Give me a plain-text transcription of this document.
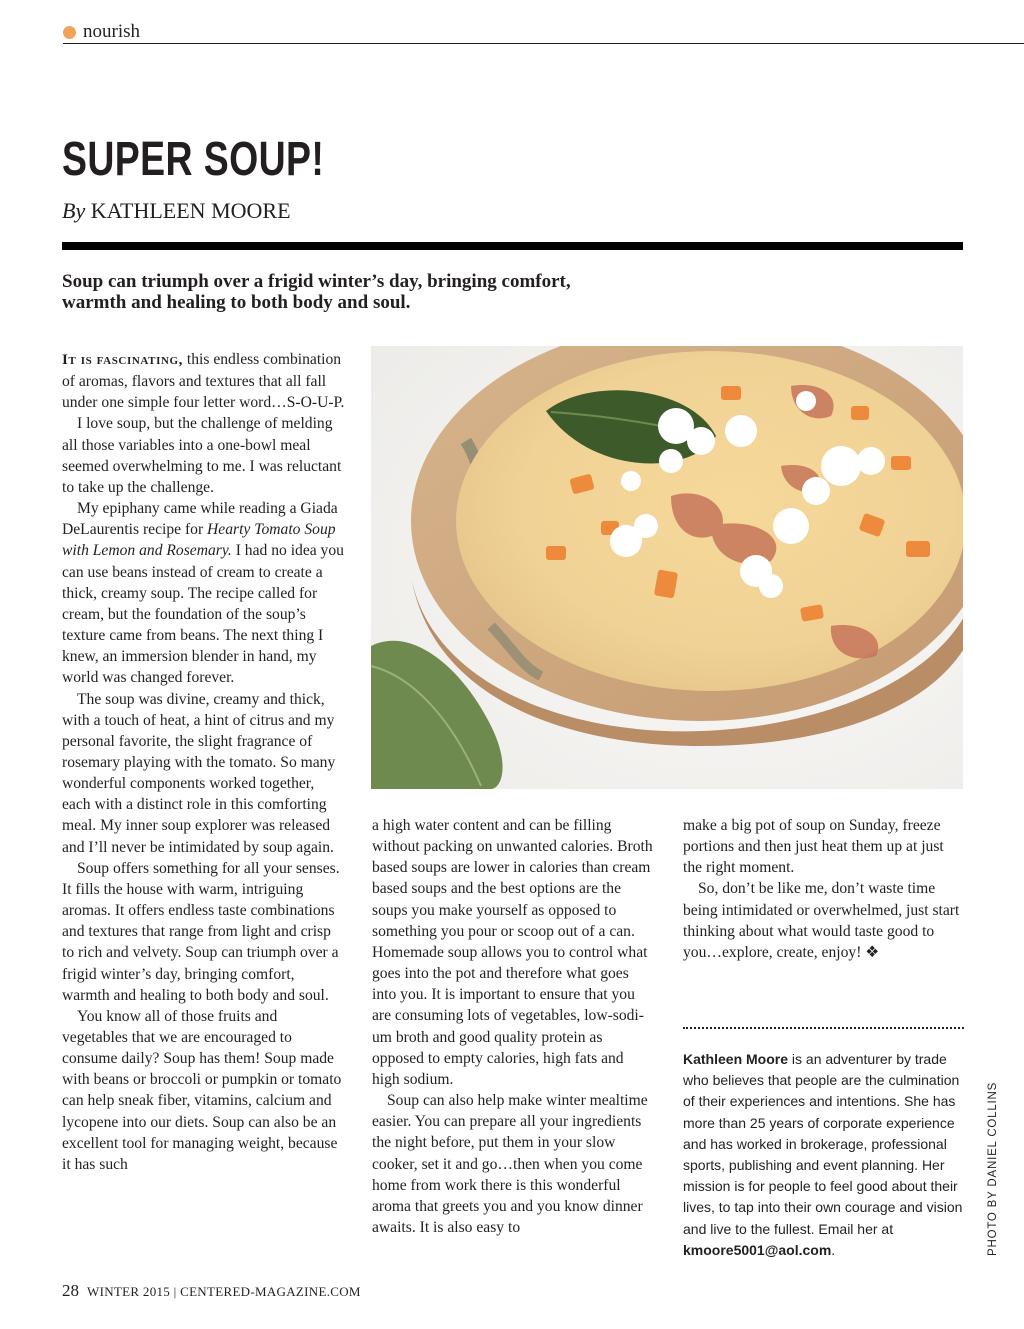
nourish
SUPER SOUP!
By KATHLEEN MOORE

Soup can triumph over a frigid winter’s day, bringing comfort, warmth and healing to both body and soul.

It is fascinating, this endless combination of aromas, flavors and textures that all fall under one simple four letter word…S-O-U-P.

I love soup, but the challenge of melding all those variables into a one-bowl meal seemed overwhelming to me. I was reluctant to take up the challenge.

My epiphany came while reading a Giada DeLaurentis recipe for Hearty Tomato Soup with Lemon and Rosemary. I had no idea you can use beans instead of cream to create a thick, creamy soup. The recipe called for cream, but the foundation of the soup’s texture came from beans. The next thing I knew, an immersion blender in hand, my world was changed forever.

The soup was divine, creamy and thick, with a touch of heat, a hint of citrus and my personal favorite, the slight fragrance of rosemary playing with the tomato. So many wonderful components worked together, each with a distinct role in this comforting meal. My inner soup explorer was released and I’ll never be intimidated by soup again.

Soup offers something for all your senses. It fills the house with warm, intriguing aromas. It offers endless taste combinations and textures that range from light and crisp to rich and velvety. Soup can triumph over a frigid winter’s day, bringing comfort, warmth and healing to both body and soul.

You know all of those fruits and vegetables that we are encouraged to consume daily? Soup has them! Soup made with beans or broccoli or pumpkin or tomato can help sneak fiber, vitamins, calcium and lycopene into our diets. Soup can also be an excellent tool for managing weight, because it has such

a high water content and can be filling without packing on unwanted calories. Broth based soups are lower in calories than cream based soups and the best options are the soups you make yourself as opposed to something you pour or scoop out of a can. Homemade soup allows you to control what goes into the pot and therefore what goes into you. It is important to ensure that you are consuming lots of vegetables, low-sodium broth and good quality protein as opposed to empty calories, high fats and high sodium.

Soup can also help make winter mealtime easier. You can prepare all your ingredients the night before, put them in your slow cooker, set it and go…then when you come home from work there is this wonderful aroma that greets you and you know dinner awaits. It is also easy to

make a big pot of soup on Sunday, freeze portions and then just heat them up at just the right moment.

So, don’t be like me, don’t waste time being intimidated or overwhelmed, just start thinking about what would taste good to you…explore, create, enjoy! ❖

Kathleen Moore is an adventurer by trade who believes that people are the culmination of their experiences and intentions. She has more than 25 years of corporate experience and has worked in brokerage, professional sports, publishing and event planning. Her mission is for people to feel good about their lives, to tap into their own courage and vision and live to the fullest. Email her at kmoore5001@aol.com.	PHOTO BY DANIEL COLLINS
28 WINTER 2015 | CENTERED-MAGAZINE.COM
